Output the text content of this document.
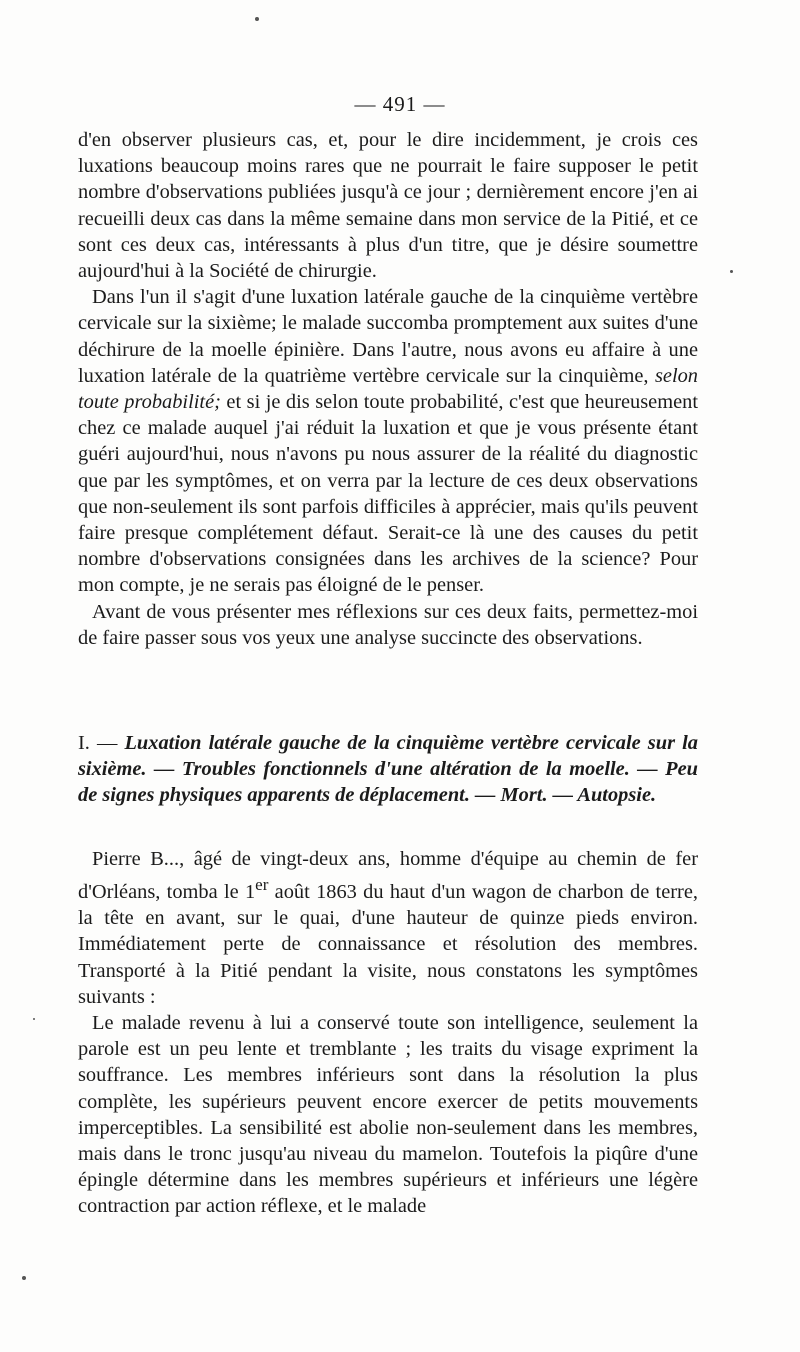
— 491 —

d'en observer plusieurs cas, et, pour le dire incidemment, je crois ces luxations beaucoup moins rares que ne pourrait le faire supposer le petit nombre d'observations publiées jusqu'à ce jour ; dernièrement encore j'en ai recueilli deux cas dans la même semaine dans mon service de la Pitié, et ce sont ces deux cas, intéressants à plus d'un titre, que je désire soumettre aujourd'hui à la Société de chirurgie.

Dans l'un il s'agit d'une luxation latérale gauche de la cinquième vertèbre cervicale sur la sixième; le malade succomba promptement aux suites d'une déchirure de la moelle épinière. Dans l'autre, nous avons eu affaire à une luxation latérale de la quatrième vertèbre cervicale sur la cinquième, selon toute probabilité; et si je dis selon toute probabilité, c'est que heureusement chez ce malade auquel j'ai réduit la luxation et que je vous présente étant guéri aujourd'hui, nous n'avons pu nous assurer de la réalité du diagnostic que par les symptômes, et on verra par la lecture de ces deux observations que non-seulement ils sont parfois difficiles à apprécier, mais qu'ils peuvent faire presque complétement défaut. Serait-ce là une des causes du petit nombre d'observations consignées dans les archives de la science? Pour mon compte, je ne serais pas éloigné de le penser.

Avant de vous présenter mes réflexions sur ces deux faits, permettez-moi de faire passer sous vos yeux une analyse succincte des observations.

I. — Luxation latérale gauche de la cinquième vertèbre cervicale sur la sixième. — Troubles fonctionnels d'une altération de la moelle. — Peu de signes physiques apparents de déplacement. — Mort. — Autopsie.

Pierre B..., âgé de vingt-deux ans, homme d'équipe au chemin de fer d'Orléans, tomba le 1er août 1863 du haut d'un wagon de charbon de terre, la tête en avant, sur le quai, d'une hauteur de quinze pieds environ. Immédiatement perte de connaissance et résolution des membres. Transporté à la Pitié pendant la visite, nous constatons les symptômes suivants :

Le malade revenu à lui a conservé toute son intelligence, seulement la parole est un peu lente et tremblante ; les traits du visage expriment la souffrance. Les membres inférieurs sont dans la résolution la plus complète, les supérieurs peuvent encore exercer de petits mouvements imperceptibles. La sensibilité est abolie non-seulement dans les membres, mais dans le tronc jusqu'au niveau du mamelon. Toutefois la piqûre d'une épingle détermine dans les membres supérieurs et inférieurs une légère contraction par action réflexe, et le malade
